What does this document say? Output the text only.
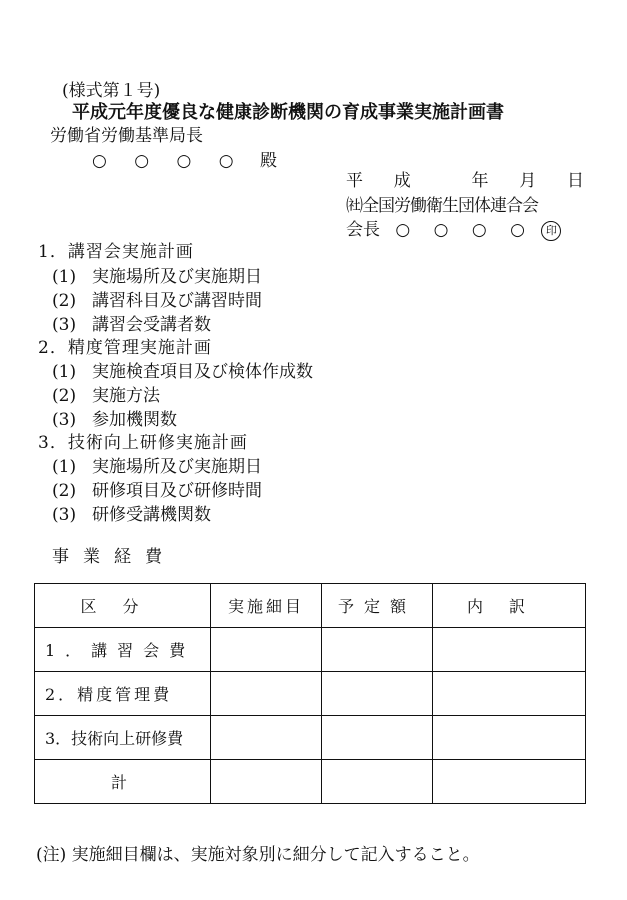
(様式第１号)
平成元年度優良な健康診断機関の育成事業実施計画書
労働省労働基準局長
○ ○ ○ ○ 殿
平 成	年 月 日
㈳全国労働衛生団体連合会
会長 ○ ○ ○ ○ 印
1．講習会実施計画
(1) 実施場所及び実施期日
(2) 講習科目及び講習時間
(3) 講習会受講者数
2．精度管理実施計画
(1) 実施検査項目及び検体作成数
(2) 実施方法
(3) 参加機関数
3．技術向上研修実施計画
(1) 実施場所及び実施期日
(2) 研修項目及び研修時間
(3) 研修受講機関数
事業経費
区分	実施細目	予定額	内訳
1．講習会費			
2．精度管理費			
3．技術向上研修費			
計			
(注) 実施細目欄は、実施対象別に細分して記入すること。
